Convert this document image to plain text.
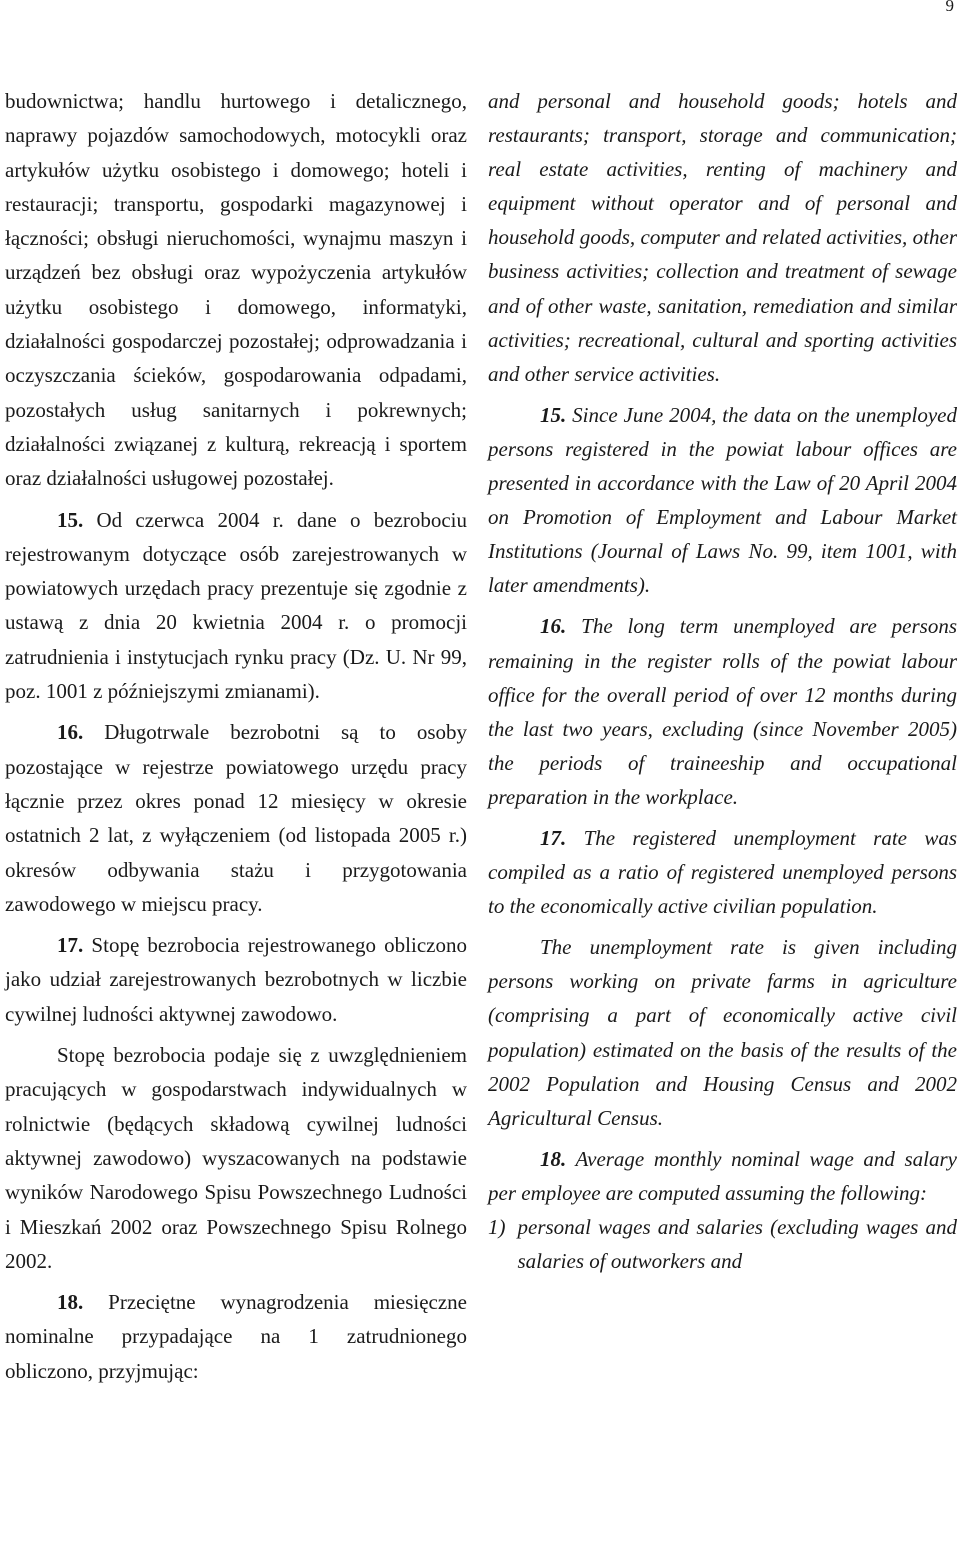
9

budownictwa; handlu hurtowego i detalicznego, naprawy pojazdów samochodowych, motocykli oraz artykułów użytku osobistego i domowego; hoteli i restauracji; transportu, gospodarki magazynowej i łączności; obsługi nieruchomości, wynajmu maszyn i urządzeń bez obsługi oraz wypożyczenia artykułów użytku osobistego i domowego, informatyki, działalności gospodarczej pozostałej; odprowadzania i oczyszczania ścieków, gospodarowania odpadami, pozostałych usług sanitarnych i pokrewnych; działalności związanej z kulturą, rekreacją i sportem oraz działalności usługowej pozostałej.

15. Od czerwca 2004 r. dane o bezrobociu rejestrowanym dotyczące osób zarejestrowanych w powiatowych urzędach pracy prezentuje się zgodnie z ustawą z dnia 20 kwietnia 2004 r. o promocji zatrudnienia i instytucjach rynku pracy (Dz. U. Nr 99, poz. 1001 z późniejszymi zmianami).

16. Długotrwale bezrobotni są to osoby pozostające w rejestrze powiatowego urzędu pracy łącznie przez okres ponad 12 miesięcy w okresie ostatnich 2 lat, z wyłączeniem (od listopada 2005 r.) okresów odbywania stażu i przygotowania zawodowego w miejscu pracy.

17. Stopę bezrobocia rejestrowanego obliczono jako udział zarejestrowanych bezrobotnych w liczbie cywilnej ludności aktywnej zawodowo.

Stopę bezrobocia podaje się z uwzględnieniem pracujących w gospodarstwach indywidualnych w rolnictwie (będących składową cywilnej ludności aktywnej zawodowo) wyszacowanych na podstawie wyników Narodowego Spisu Powszechnego Ludności i Mieszkań 2002 oraz Powszechnego Spisu Rolnego 2002.

18. Przeciętne wynagrodzenia miesięczne nominalne przypadające na 1 zatrudnionego obliczono, przyjmując:

and personal and household goods; hotels and restaurants; transport, storage and communication; real estate activities, renting of machinery and equipment without operator and of personal and household goods, computer and related activities, other business activities; collection and treatment of sewage and of other waste, sanitation, remediation and similar activities; recreational, cultural and sporting activities and other service activities.

15. Since June 2004, the data on the unemployed persons registered in the powiat labour offices are presented in accordance with the Law of 20 April 2004 on Promotion of Employment and Labour Market Institutions (Journal of Laws No. 99, item 1001, with later amendments).

16. The long term unemployed are persons remaining in the register rolls of the powiat labour office for the overall period of over 12 months during the last two years, excluding (since November 2005) the periods of traineeship and occupational preparation in the workplace.

17. The registered unemployment rate was compiled as a ratio of registered unemployed persons to the economically active civilian population.

The unemployment rate is given including persons working on private farms in agriculture (comprising a part of economically active civil population) estimated on the basis of the results of the 2002 Population and Housing Census and 2002 Agricultural Census.

18. Average monthly nominal wage and salary per employee are computed assuming the following:

1) personal wages and salaries (excluding wages and salaries of outworkers and
